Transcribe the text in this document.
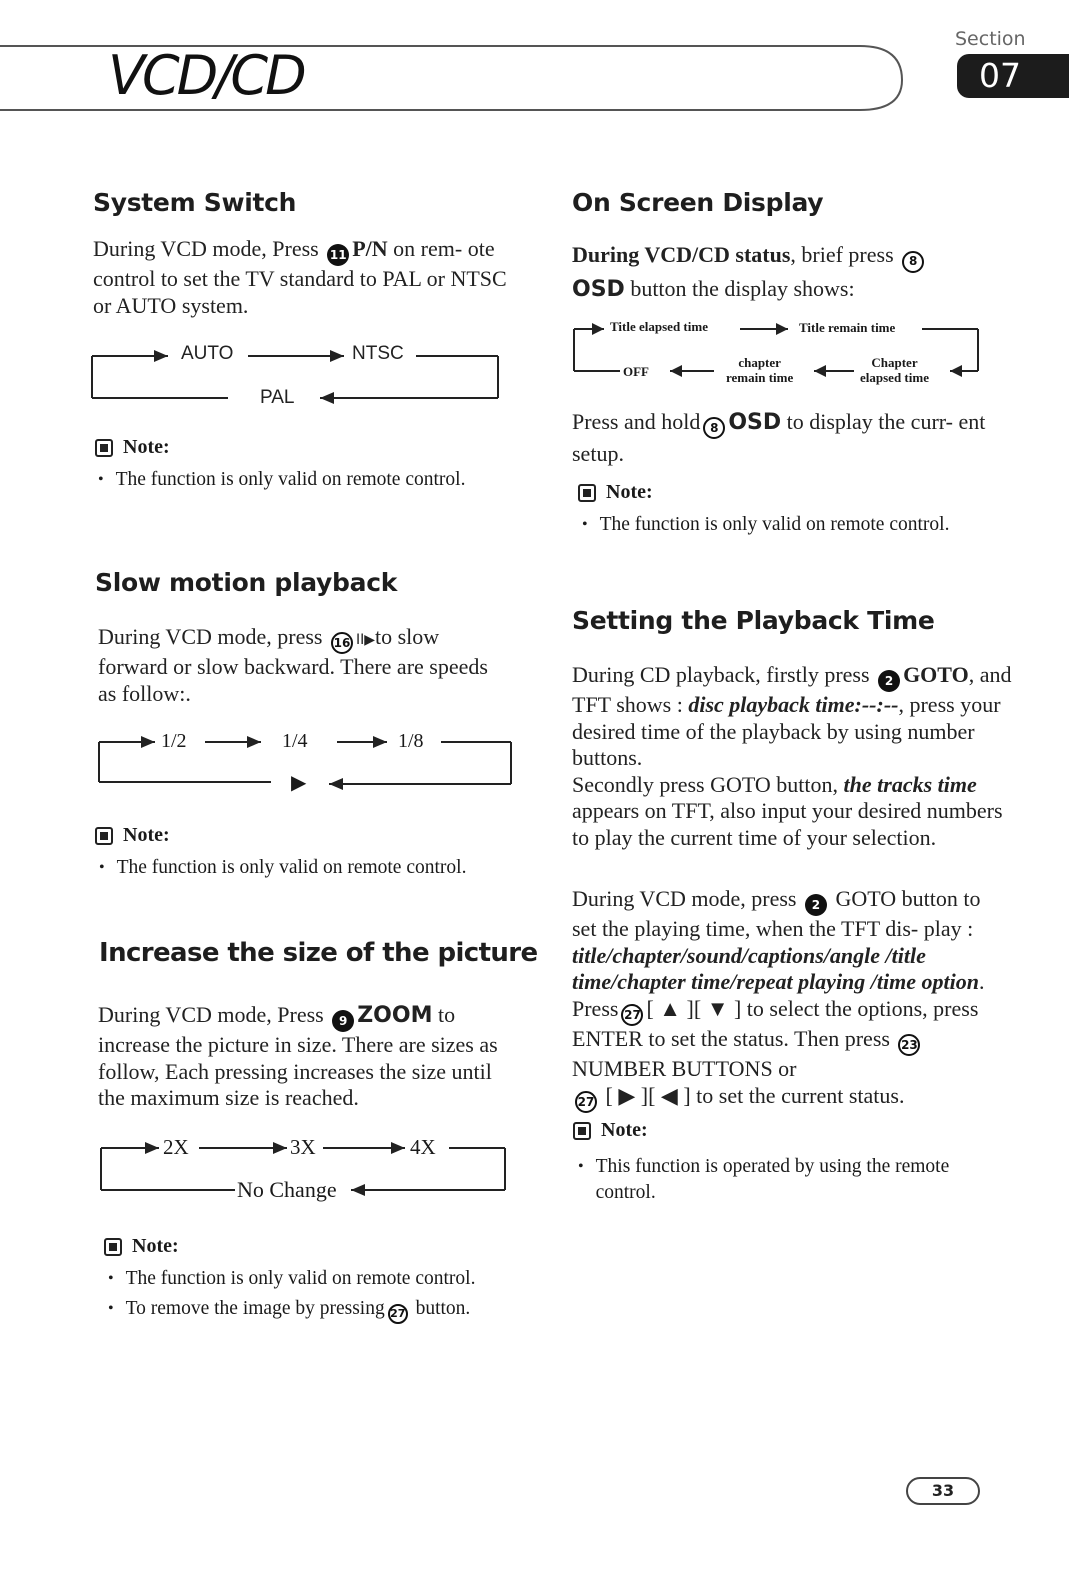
VCD/CD
Section
07
System Switch

During VCD mode, Press 11 P/N on rem- ote control to set the TV standard to PAL or NTSC or AUTO system.

AUTO	NTSC
PAL
Note:
• The function is only valid on remote control.
Slow motion playback

During VCD mode, press 16 II▶to slow forward or slow backward. There are speeds as follow:.

1/2	1/4	1/8
▶
Note:
• The function is only valid on remote control.
Increase the size of the picture

During VCD mode, Press 9 ZOOM to increase the picture in size. There are sizes as follow, Each pressing increases the size until the maximum size is reached.

2X	3X	4X
No Change
Note:
• The function is only valid on remote control.
• To remove the image by pressing 27 button.
On Screen Display

During VCD/CD status, brief press 8
OSD button the display shows:

Title elapsed time	Title remain time
OFF
chapter
remain time
Chapter
elapsed time

Press and hold 8 OSD to display the curr- ent setup.

Note:
• The function is only valid on remote control.
Setting the Playback Time

During CD playback, firstly press 2 GOTO, and TFT shows : disc playback time:--:--, press your desired time of the playback by using number buttons.
Secondly press GOTO button, the tracks time appears on TFT, also input your desired numbers to play the current time of your selection.

During VCD mode, press 2 GOTO button to set the playing time, when the TFT dis- play : title/chapter/sound/captions/angle /title time/chapter time/repeat playing /time option. Press 27 [ ▲ ][ ▼ ] to select the options, press ENTER to set the status. Then press 23 NUMBER BUTTONS or
27 [ ▶ ][ ◀ ] to set the current status.

Note:
• This function is operated by using the remote control.
33
